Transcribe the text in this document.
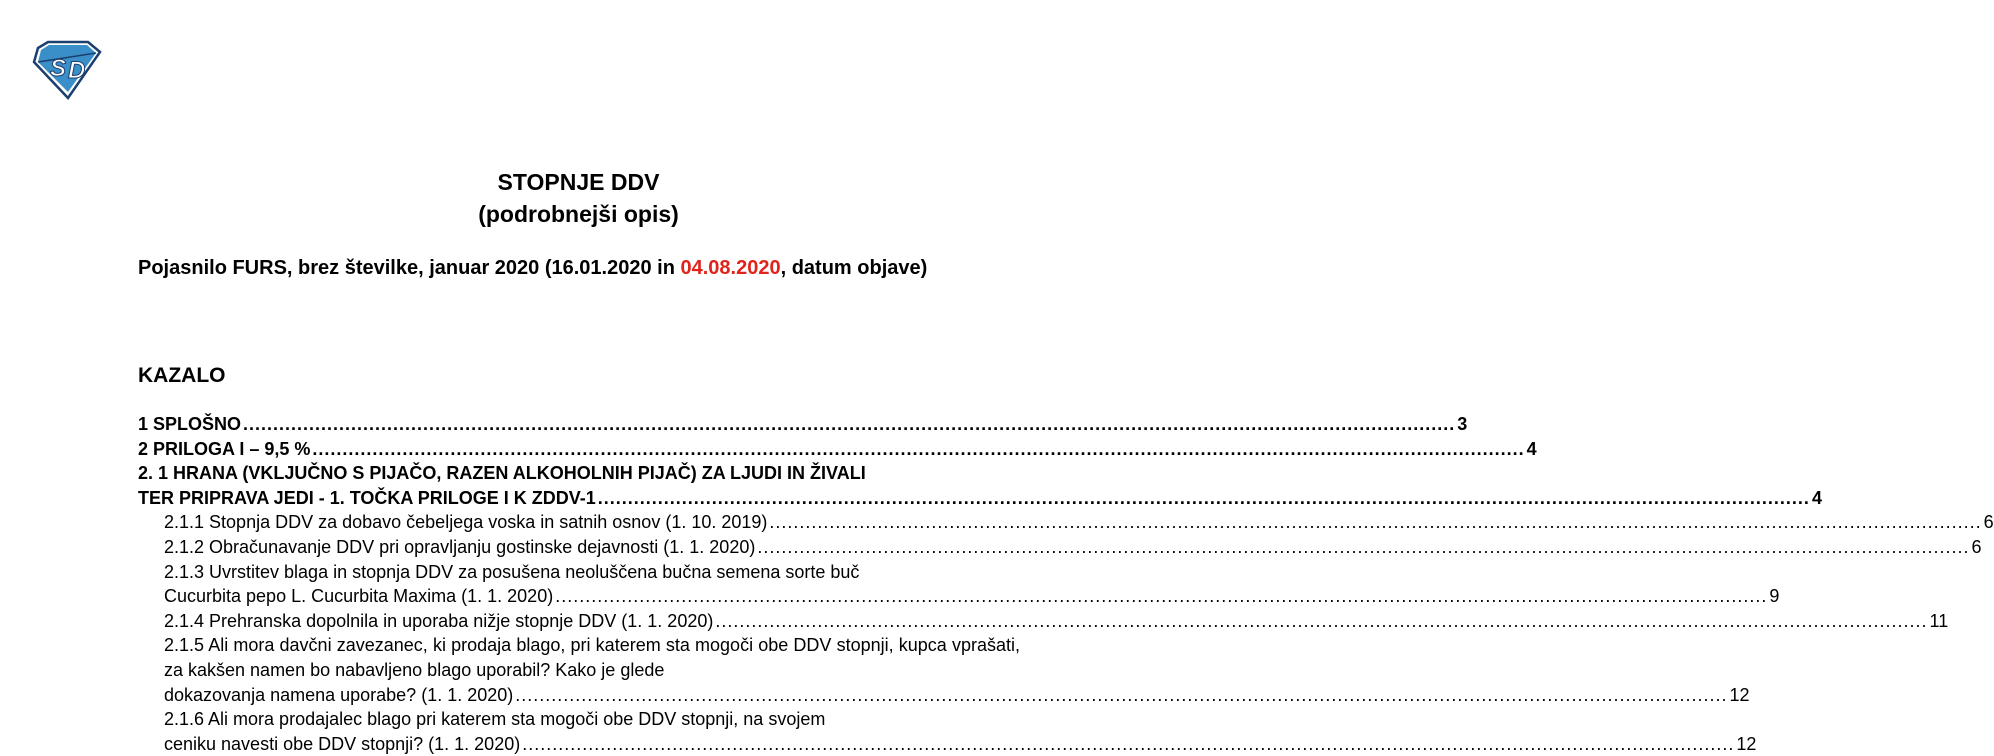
S D
STOPNJE DDV
(podrobnejši opis)
Pojasnilo FURS, brez številke, januar 2020 (16.01.2020 in 04.08.2020, datum objave)
KAZALO
1 SPLOŠNO .......................................................................................................................................................................................................... 3
2 PRILOGA I – 9,5 % .......................................................................................................................................................................................................... 4
2. 1 HRANA (VKLJUČNO S PIJAČO, RAZEN ALKOHOLNIH PIJAČ) ZA LJUDI IN ŽIVALI
TER PRIPRAVA JEDI - 1. TOČKA PRILOGE I K ZDDV-1 .......................................................................................................................................................................................................... 4
2.1.1 Stopnja DDV za dobavo čebeljega voska in satnih osnov (1. 10. 2019) .......................................................................................................................................................................................................... 6
2.1.2 Obračunavanje DDV pri opravljanju gostinske dejavnosti (1. 1. 2020) .......................................................................................................................................................................................................... 6
2.1.3 Uvrstitev blaga in stopnja DDV za posušena neoluščena bučna semena sorte buč
Cucurbita pepo L. Cucurbita Maxima (1. 1. 2020) .......................................................................................................................................................................................................... 9
2.1.4 Prehranska dopolnila in uporaba nižje stopnje DDV (1. 1. 2020) .......................................................................................................................................................................................................... 11
2.1.5 Ali mora davčni zavezanec, ki prodaja blago, pri katerem sta mogoči obe DDV stopnji, kupca vprašati, za kakšen namen bo nabavljeno blago uporabil? Kako je glede
dokazovanja namena uporabe? (1. 1. 2020) .......................................................................................................................................................................................................... 12
2.1.6 Ali mora prodajalec blago pri katerem sta mogoči obe DDV stopnji, na svojem
ceniku navesti obe DDV stopnji? (1. 1. 2020) .......................................................................................................................................................................................................... 12
